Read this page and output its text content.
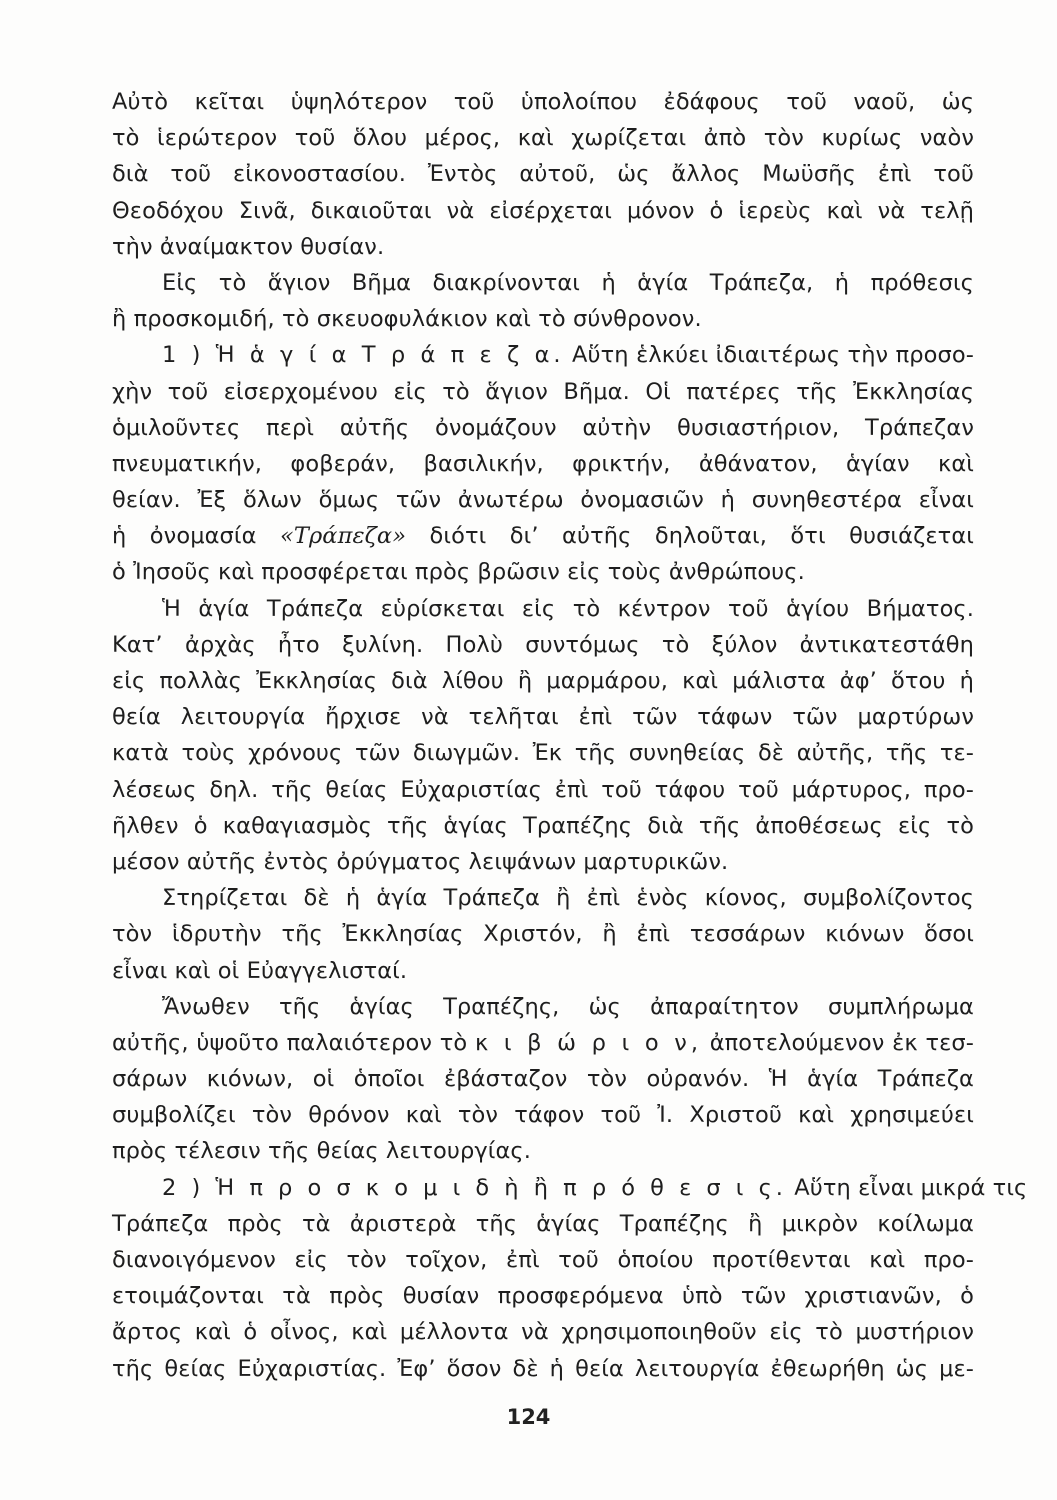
Αὐτὸ κεῖται ὑψηλότερον τοῦ ὑπολοίπου ἐδάφους τοῦ ναοῦ, ὡς
τὸ ἱερώτερον τοῦ ὅλου μέρος, καὶ χωρίζεται ἀπὸ τὸν κυρίως ναὸν
διὰ τοῦ εἰκονοστασίου. Ἐντὸς αὐτοῦ, ὡς ἄλλος Μωϋσῆς ἐπὶ τοῦ
Θεοδόχου Σινᾶ, δικαιοῦται νὰ εἰσέρχεται μόνον ὁ ἱερεὺς καὶ νὰ τελῇ
τὴν ἀναίμακτον θυσίαν.
Εἰς τὸ ἅγιον Βῆμα διακρίνονται ἡ ἁγία Τράπεζα, ἡ πρόθεσις
ἢ προσκομιδή, τὸ σκευοφυλάκιον καὶ τὸ σύνθρονον.
1 ) Ἡ ἁ γ ί α Τ ρ ά π ε ζ α. Αὕτη ἑλκύει ἰδιαιτέρως τὴν προσο-
χὴν τοῦ εἰσερχομένου εἰς τὸ ἅγιον Βῆμα. Οἱ πατέρες τῆς Ἐκκλησίας
ὁμιλοῦντες περὶ αὐτῆς ὀνομάζουν αὐτὴν θυσιαστήριον, Τράπεζαν
πνευματικήν, φοβεράν, βασιλικήν, φρικτήν, ἀθάνατον, ἁγίαν καὶ
θείαν. Ἐξ ὅλων ὅμως τῶν ἀνωτέρω ὀνομασιῶν ἡ συνηθεστέρα εἶναι
ἡ ὀνομασία «Τράπεζα» διότι δι’ αὐτῆς δηλοῦται, ὅτι θυσιάζεται
ὁ Ἰησοῦς καὶ προσφέρεται πρὸς βρῶσιν εἰς τοὺς ἀνθρώπους.
Ἡ ἁγία Τράπεζα εὑρίσκεται εἰς τὸ κέντρον τοῦ ἁγίου Βήματος.
Κατ’ ἀρχὰς ἦτο ξυλίνη. Πολὺ συντόμως τὸ ξύλον ἀντικατεστάθη
εἰς πολλὰς Ἐκκλησίας διὰ λίθου ἢ μαρμάρου, καὶ μάλιστα ἀφ’ ὅτου ἡ
θεία λειτουργία ἤρχισε νὰ τελῆται ἐπὶ τῶν τάφων τῶν μαρτύρων
κατὰ τοὺς χρόνους τῶν διωγμῶν. Ἐκ τῆς συνηθείας δὲ αὐτῆς, τῆς τε-
λέσεως δηλ. τῆς θείας Εὐχαριστίας ἐπὶ τοῦ τάφου τοῦ μάρτυρος, προ-
ῆλθεν ὁ καθαγιασμὸς τῆς ἁγίας Τραπέζης διὰ τῆς ἀποθέσεως εἰς τὸ
μέσον αὐτῆς ἐντὸς ὀρύγματος λειψάνων μαρτυρικῶν.
Στηρίζεται δὲ ἡ ἁγία Τράπεζα ἢ ἐπὶ ἑνὸς κίονος, συμβολίζοντος
τὸν ἱδρυτὴν τῆς Ἐκκλησίας Χριστόν, ἢ ἐπὶ τεσσάρων κιόνων ὅσοι
εἶναι καὶ οἱ Εὐαγγελισταί.
Ἄνωθεν τῆς ἁγίας Τραπέζης, ὡς ἀπαραίτητον συμπλήρωμα
αὐτῆς, ὑψοῦτο παλαιότερον τὸ κ ι β ώ ρ ι ο ν, ἀποτελούμενον ἐκ τεσ-
σάρων κιόνων, οἱ ὁποῖοι ἐβάσταζον τὸν οὐρανόν. Ἡ ἁγία Τράπεζα
συμβολίζει τὸν θρόνον καὶ τὸν τάφον τοῦ Ἰ. Χριστοῦ καὶ χρησιμεύει
πρὸς τέλεσιν τῆς θείας λειτουργίας.
2 ) Ἡ π ρ ο σ κ ο μ ι δ ὴ ἢ π ρ ό θ ε σ ι ς. Αὕτη εἶναι μικρά τις
Τράπεζα πρὸς τὰ ἀριστερὰ τῆς ἁγίας Τραπέζης ἢ μικρὸν κοίλωμα
διανοιγόμενον εἰς τὸν τοῖχον, ἐπὶ τοῦ ὁποίου προτίθενται καὶ προ-
ετοιμάζονται τὰ πρὸς θυσίαν προσφερόμενα ὑπὸ τῶν χριστιανῶν, ὁ
ἄρτος καὶ ὁ οἶνος, καὶ μέλλοντα νὰ χρησιμοποιηθοῦν εἰς τὸ μυστήριον
τῆς θείας Εὐχαριστίας. Ἐφ’ ὅσον δὲ ἡ θεία λειτουργία ἐθεωρήθη ὡς με-
124
